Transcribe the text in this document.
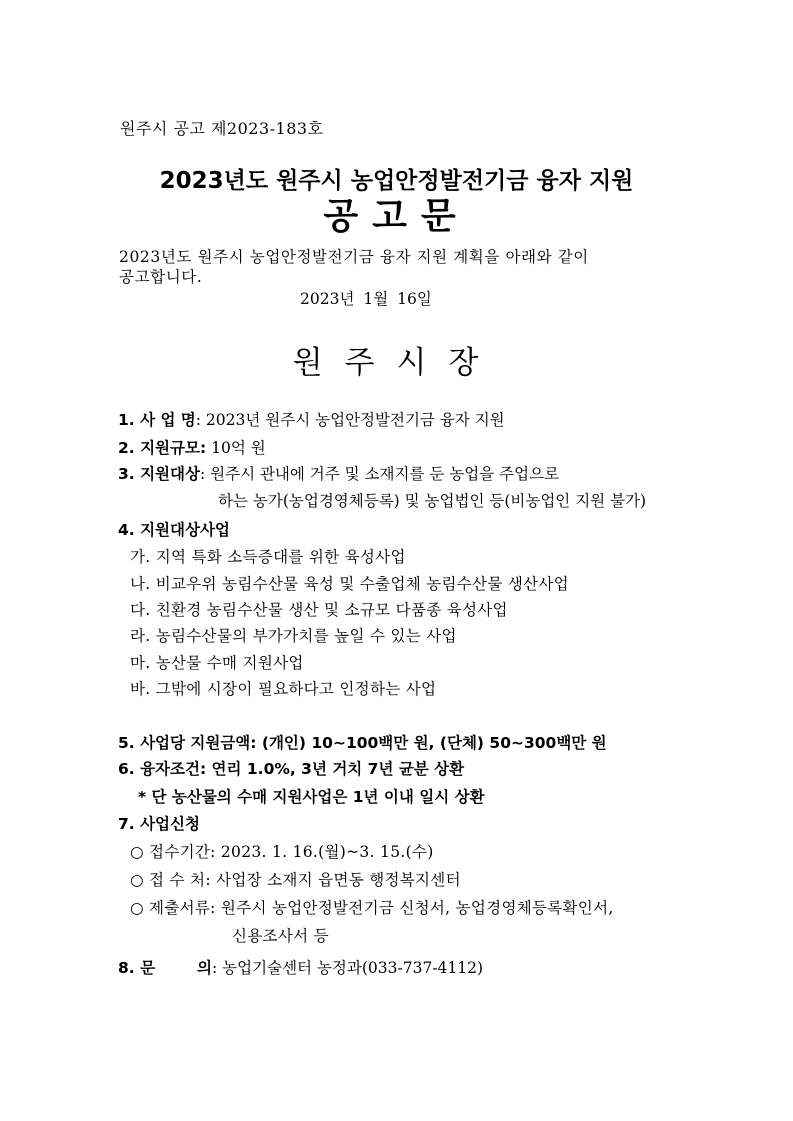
원주시 공고 제2023-183호
2023년도 원주시 농업안정발전기금 융자 지원
공고문
2023년도 원주시 농업안정발전기금 융자 지원 계획을 아래와 같이
공고합니다.
2023년 1월 16일
원주시장
1. 사 업 명: 2023년 원주시 농업안정발전기금 융자 지원
2. 지원규모: 10억 원
3. 지원대상: 원주시 관내에 거주 및 소재지를 둔 농업을 주업으로
하는 농가(농업경영체등록) 및 농업법인 등(비농업인 지원 불가)
4. 지원대상사업
가. 지역 특화 소득증대를 위한 육성사업
나. 비교우위 농림수산물 육성 및 수출업체 농림수산물 생산사업
다. 친환경 농림수산물 생산 및 소규모 다품종 육성사업
라. 농림수산물의 부가가치를 높일 수 있는 사업
마. 농산물 수매 지원사업
바. 그밖에 시장이 필요하다고 인정하는 사업
5. 사업당 지원금액: (개인) 10~100백만 원, (단체) 50~300백만 원
6. 융자조건: 연리 1.0%, 3년 거치 7년 균분 상환
* 단 농산물의 수매 지원사업은 1년 이내 일시 상환
7. 사업신청
○ 접수기간: 2023. 1. 16.(월)~3. 15.(수)
○ 접 수 처: 사업장 소재지 읍면동 행정복지센터
○ 제출서류: 원주시 농업안정발전기금 신청서, 농업경영체등록확인서,
신용조사서 등
8. 문	의: 농업기술센터 농정과(033-737-4112)
